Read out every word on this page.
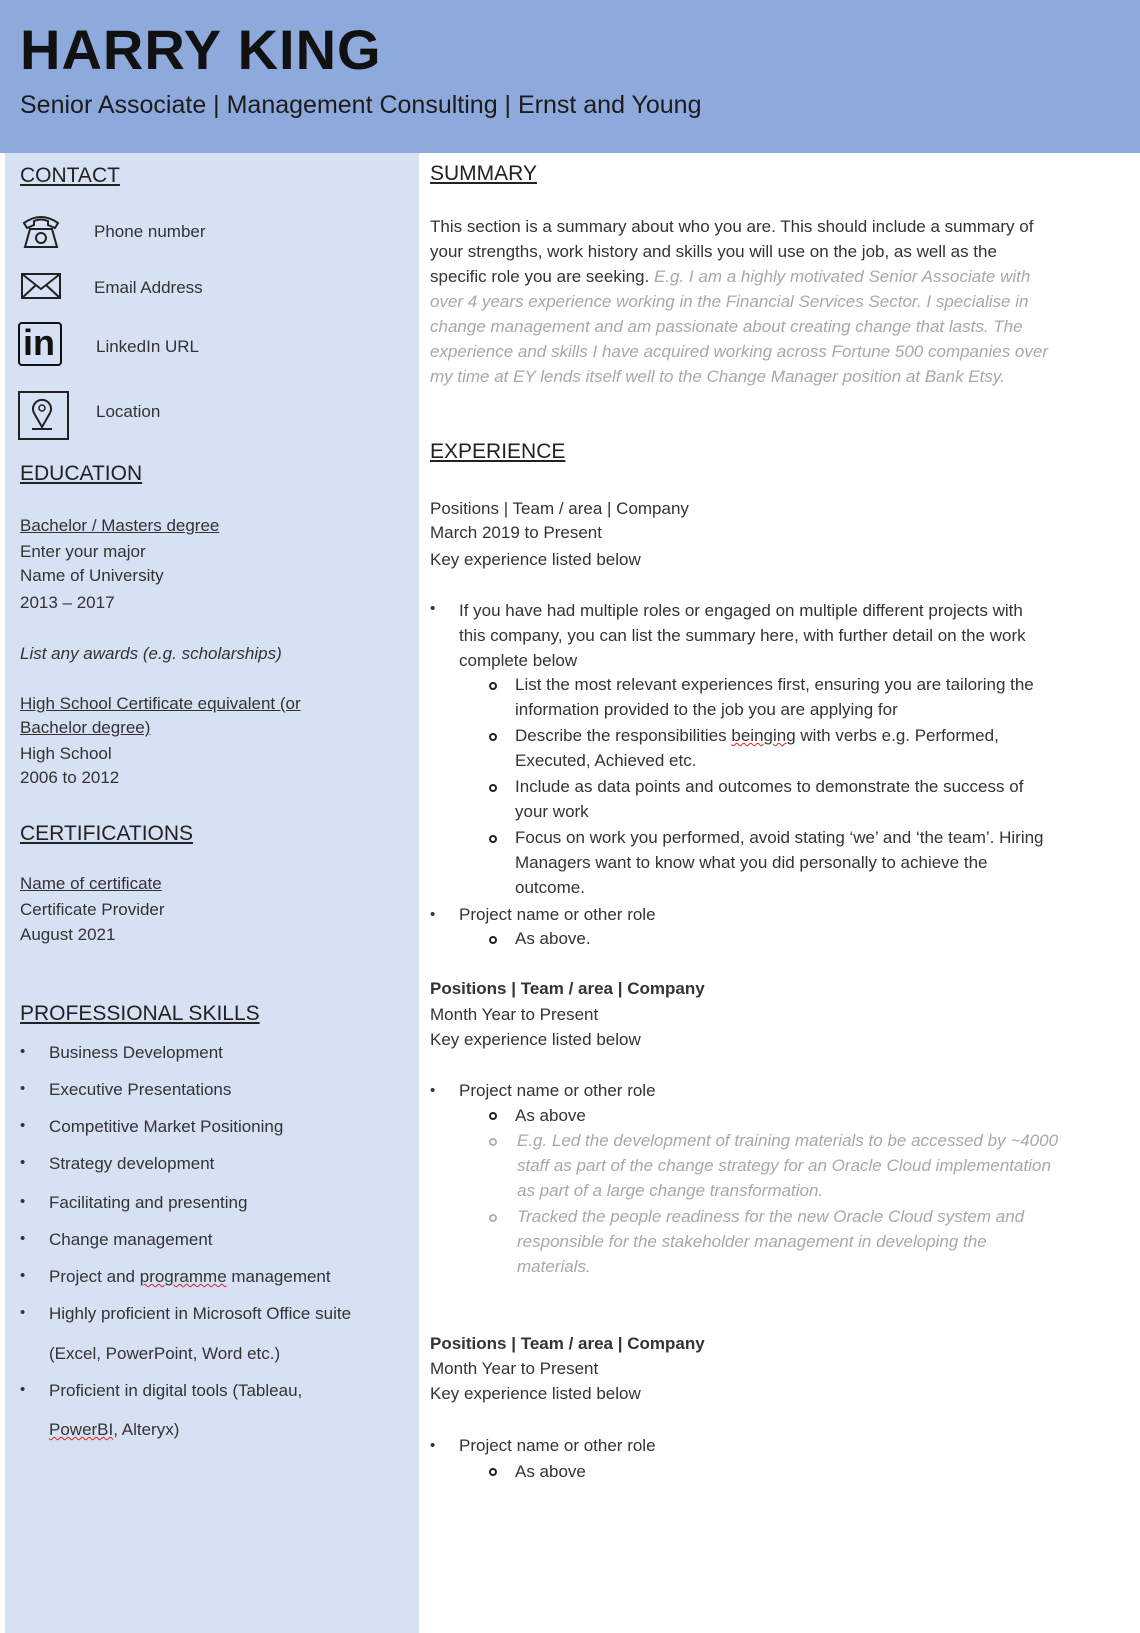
HARRY KING
Senior Associate | Management Consulting | Ernst and Young
CONTACT
Phone number
Email Address
in LinkedIn URL
Location
EDUCATION
Bachelor / Masters degree
Enter your major
Name of University
2013 – 2017
List any awards (e.g. scholarships)
High School Certificate equivalent (or
Bachelor degree)
High School
2006 to 2012
CERTIFICATIONS
Name of certificate
Certificate Provider
August 2021
PROFESSIONAL SKILLS
• Business Development
• Executive Presentations
• Competitive Market Positioning
• Strategy development
• Facilitating and presenting
• Change management
• Project and programme management
• Highly proficient in Microsoft Office suite
(Excel, PowerPoint, Word etc.)
• Proficient in digital tools (Tableau,
PowerBI, Alteryx)
SUMMARY
This section is a summary about who you are. This should include a summary of
your strengths, work history and skills you will use on the job, as well as the
specific role you are seeking. E.g. I am a highly motivated Senior Associate with
over 4 years experience working in the Financial Services Sector. I specialise in
change management and am passionate about creating change that lasts. The
experience and skills I have acquired working across Fortune 500 companies over
my time at EY lends itself well to the Change Manager position at Bank Etsy.
EXPERIENCE
Positions | Team / area | Company
March 2019 to Present
Key experience listed below
• If you have had multiple roles or engaged on multiple different projects with
this company, you can list the summary here, with further detail on the work
complete below
List the most relevant experiences first, ensuring you are tailoring the
information provided to the job you are applying for
Describe the responsibilities beinging with verbs e.g. Performed,
Executed, Achieved etc.
Include as data points and outcomes to demonstrate the success of
your work
Focus on work you performed, avoid stating ‘we’ and ‘the team’. Hiring
Managers want to know what you did personally to achieve the
outcome.
• Project name or other role
As above.
Positions | Team / area | Company
Month Year to Present
Key experience listed below
• Project name or other role
As above
E.g. Led the development of training materials to be accessed by ~4000
staff as part of the change strategy for an Oracle Cloud implementation
as part of a large change transformation.
Tracked the people readiness for the new Oracle Cloud system and
responsible for the stakeholder management in developing the
materials.
Positions | Team / area | Company
Month Year to Present
Key experience listed below
• Project name or other role
As above
